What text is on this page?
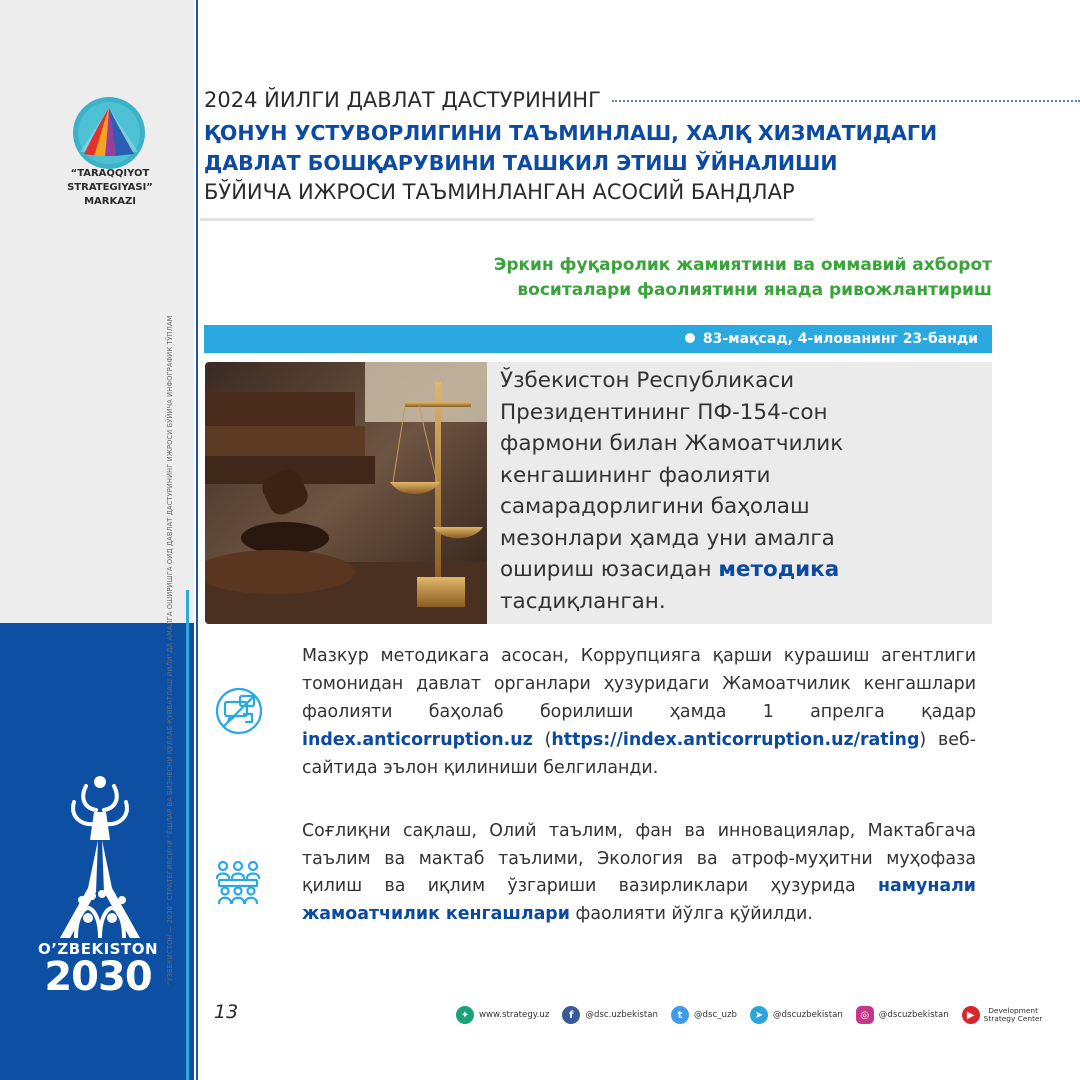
“TARAQQIYOT STRATEGIYASI”
MARKAZI
“ЎЗБЕКИСТОН — 2030” СТРАТЕГИЯСИНИ “ЁШЛАР ВА БИЗНЕСНИ ҚЎЛЛАБ-ҚУВВАТЛАШ ЙИЛИ”ДА АМАЛГА ОШИРИШГА ОИД ДАВЛАТ ДАСТУРИНИНГ ИЖРОСИ БЎЙИЧА ИНФОГРАФИК ТЎПЛАМ
O’ZBEKISTON
2030
2024 ЙИЛГИ ДАВЛАТ ДАСТУРИНИНГ
ҚОНУН УСТУВОРЛИГИНИ ТАЪМИНЛАШ, ХАЛҚ ХИЗМАТИДАГИ
ДАВЛАТ БОШҚАРУВИНИ ТАШКИЛ ЭТИШ ЎЙНАЛИШИ
БЎЙИЧА ИЖРОСИ ТАЪМИНЛАНГАН АСОСИЙ БАНДЛАР
Эркин фуқаролик жамиятини ва оммавий ахборот
воситалари фаолиятини янада ривожлантириш
83-мақсад, 4-илованинг 23-банди
Ўзбекистон Республикаси Президентининг ПФ-154-сон фармони билан Жамоатчилик кенгашининг фаолияти самарадорлигини баҳолаш мезонлари ҳамда уни амалга ошириш юзасидан методика тасдиқланган.
Мазкур методикага асосан, Коррупцияга қарши курашиш агентлиги томонидан давлат органлари ҳузуридаги Жамоатчилик кенгашлари фаолияти баҳолаб борилиши ҳамда 1 апрелга қадар index.anticorruption.uz (https://index.anticorruption.uz/rating) веб-сайтида эълон қилиниши белгиланди.
Соғлиқни сақлаш, Олий таълим, фан ва инновациялар, Мактабгача таълим ва мактаб таълими, Экология ва атроф-муҳитни муҳофаза қилиш ва иқлим ўзгариши вазирликлари ҳузурида намунали жамоатчилик кенгашлари фаолияти йўлга қўйилди.
13	✦	www.strategy.uz	f	@dsc.uzbekistan	t	@dsc_uzb	➤	@dscuzbekistan	◎	@dscuzbekistan	▶	Development
Strategy Center
